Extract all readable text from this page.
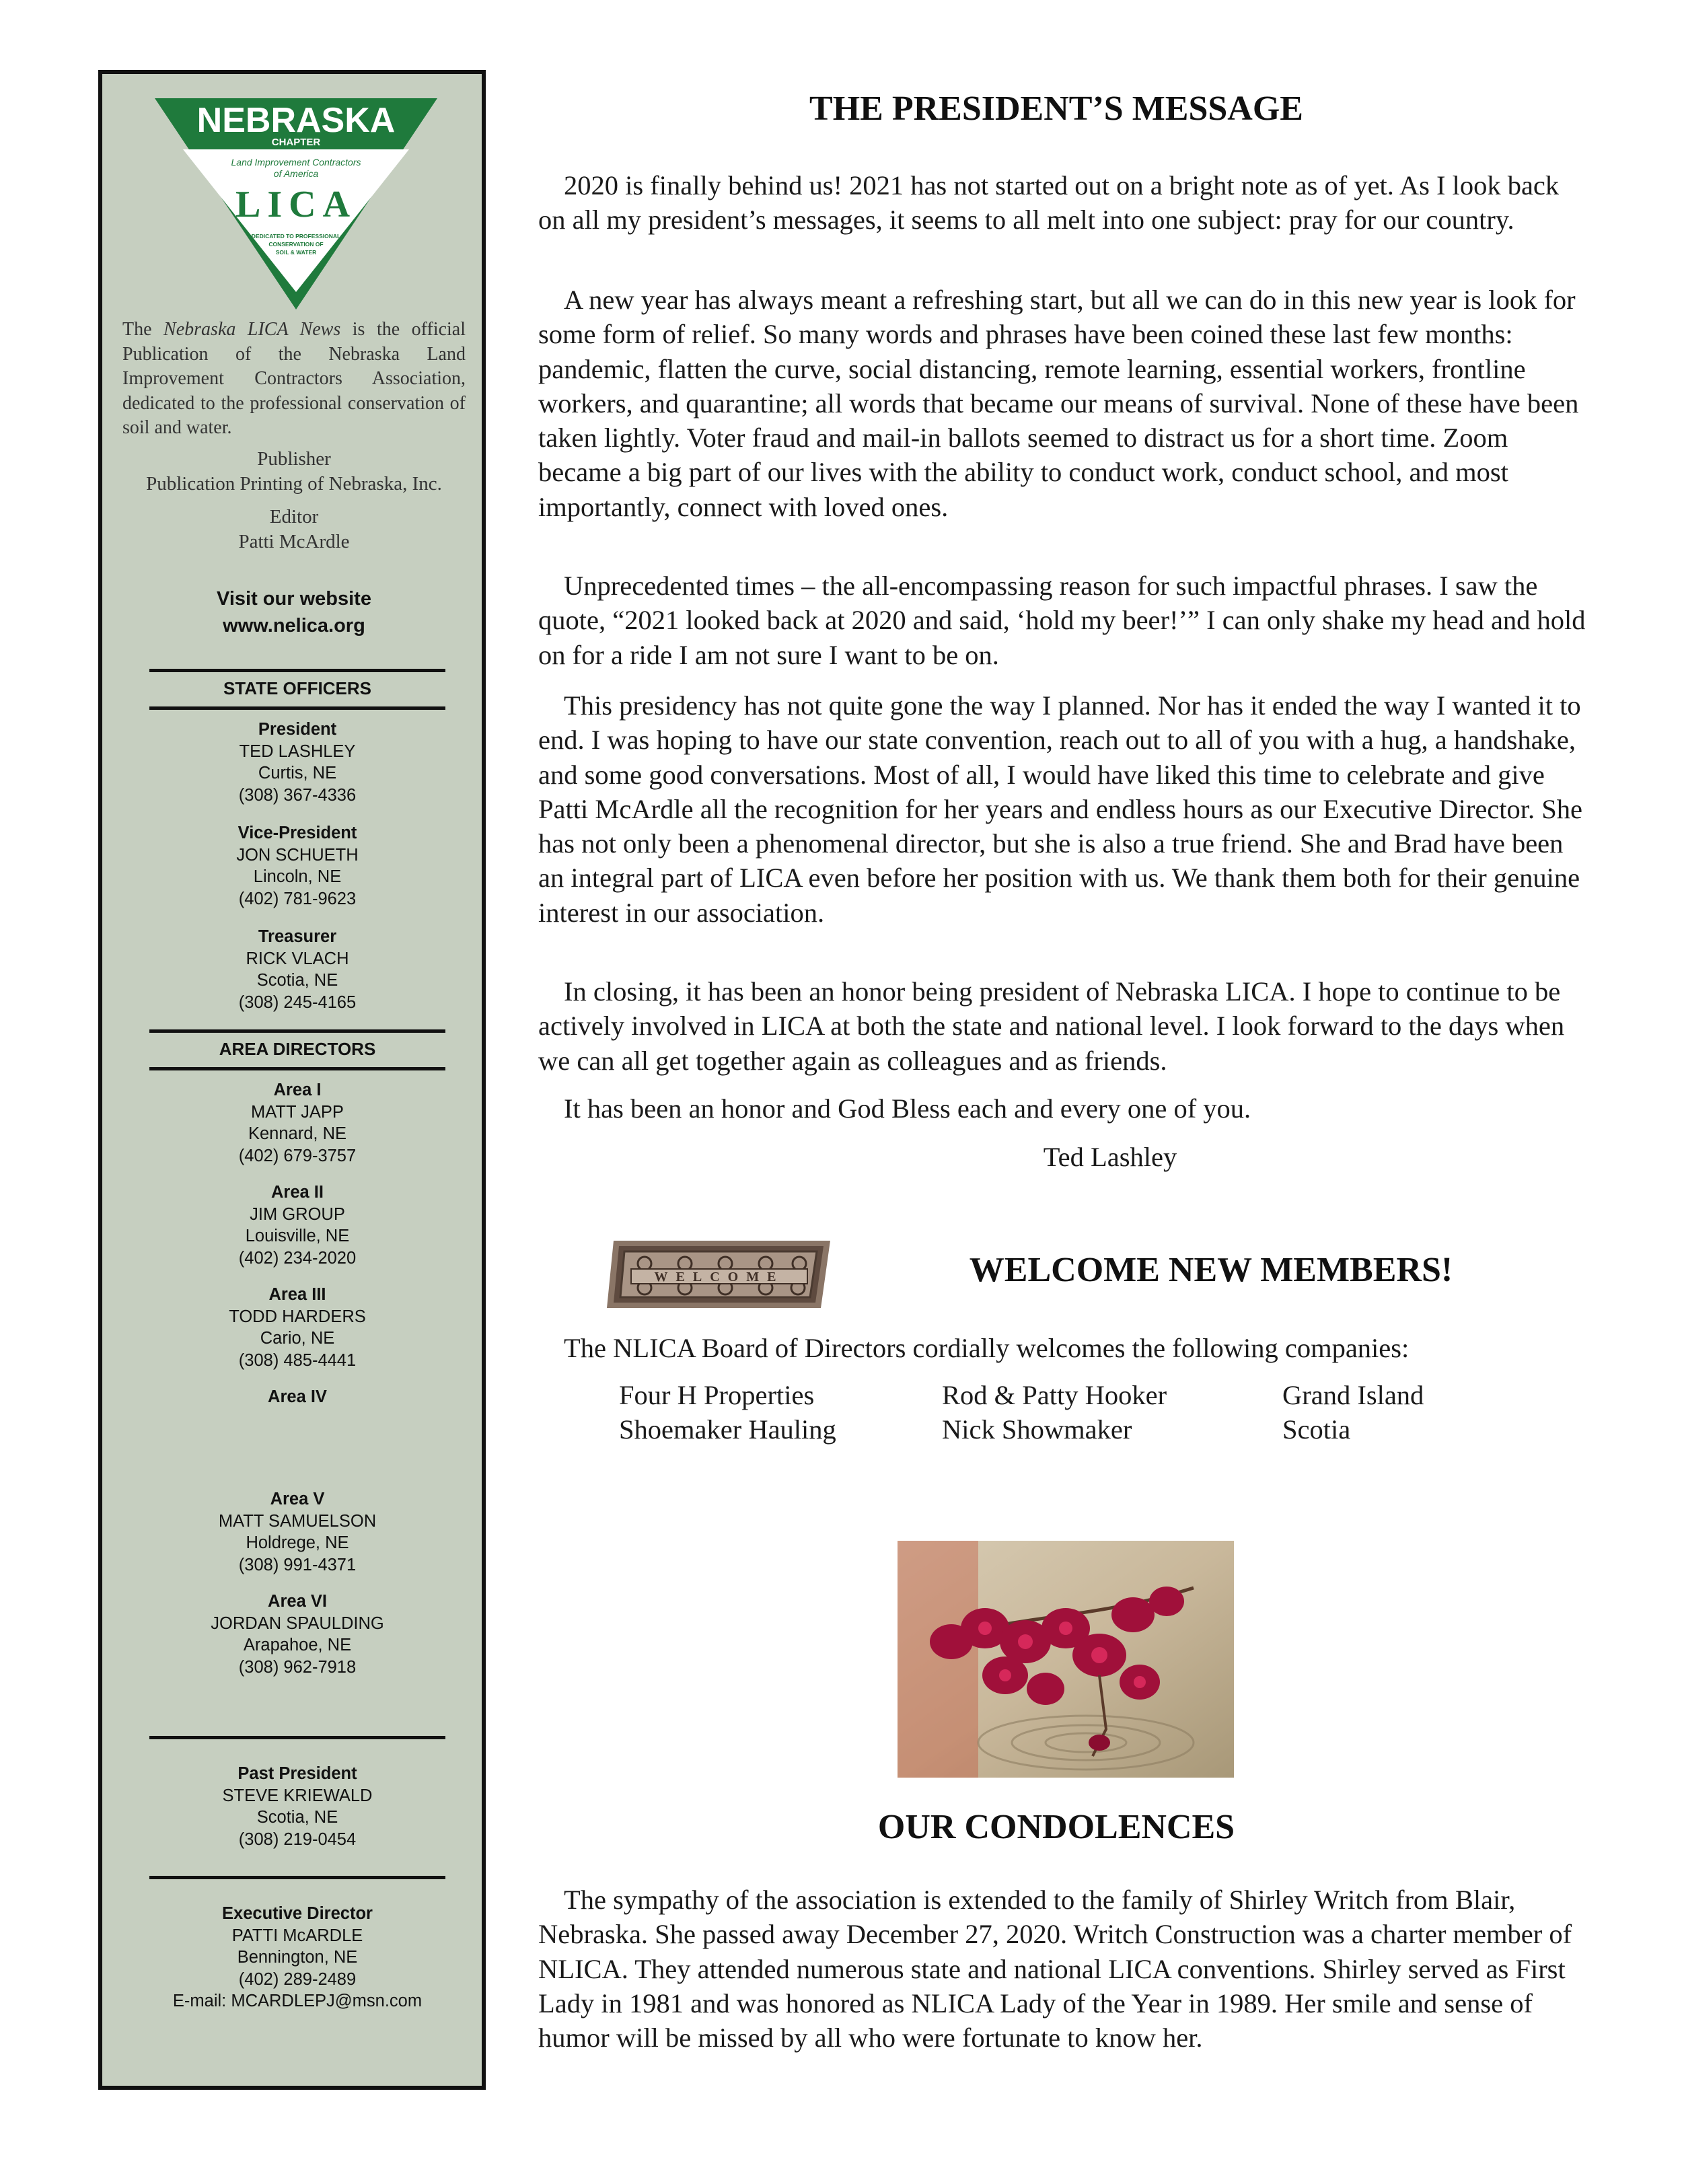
NEBRASKA
CHAPTER
Land Improvement Contractors
of America
LICA
DEDICATED TO PROFESSIONAL
CONSERVATION OF
SOIL & WATER
The Nebraska LICA News is the official Publication of the Nebraska Land Improvement Contractors Association, dedicated to the professional conservation of soil and water.
Publisher
Publication Printing of Nebraska, Inc.
Editor
Patti McArdle
Visit our website
www.nelica.org
STATE OFFICERS
President
TED LASHLEY
Curtis, NE
(308) 367-4336
Vice-President
JON SCHUETH
Lincoln, NE
(402) 781-9623
Treasurer
RICK VLACH
Scotia, NE
(308) 245-4165
AREA DIRECTORS
Area I
MATT JAPP
Kennard, NE
(402) 679-3757
Area II
JIM GROUP
Louisville, NE
(402) 234-2020
Area III
TODD HARDERS
Cario, NE
(308) 485-4441
Area IV
Area V
MATT SAMUELSON
Holdrege, NE
(308) 991-4371
Area VI
JORDAN SPAULDING
Arapahoe, NE
(308) 962-7918
Past President
STEVE KRIEWALD
Scotia, NE
(308) 219-0454
Executive Director
PATTI McARDLE
Bennington, NE
(402) 289-2489
E-mail: MCARDLEPJ@msn.com
THE PRESIDENT’S MESSAGE

2020 is finally behind us! 2021 has not started out on a bright note as of yet. As I look back on all my president’s messages, it seems to all melt into one subject: pray for our country.

A new year has always meant a refreshing start, but all we can do in this new year is look for some form of relief. So many words and phrases have been coined these last few months: pandemic, flatten the curve, social distancing, remote learning, essential workers, frontline workers, and quarantine; all words that became our means of survival. None of these have been taken lightly. Voter fraud and mail-in ballots seemed to distract us for a short time. Zoom became a big part of our lives with the ability to conduct work, conduct school, and most importantly, connect with loved ones.

Unprecedented times – the all-encompassing reason for such impactful phrases. I saw the quote, “2021 looked back at 2020 and said, ‘hold my beer!’” I can only shake my head and hold on for a ride I am not sure I want to be on.

This presidency has not quite gone the way I planned. Nor has it ended the way I wanted it to end. I was hoping to have our state convention, reach out to all of you with a hug, a handshake, and some good conversations. Most of all, I would have liked this time to celebrate and give Patti McArdle all the recognition for her years and endless hours as our Executive Director. She has not only been a phenomenal director, but she is also a true friend. She and Brad have been an integral part of LICA even before her position with us. We thank them both for their genuine interest in our association.

In closing, it has been an honor being president of Nebraska LICA. I hope to continue to be actively involved in LICA at both the state and national level. I look forward to the days when we can all get together again as colleagues and as friends.

It has been an honor and God Bless each and every one of you.

Ted Lashley
WELCOME	WELCOME NEW MEMBERS!

The NLICA Board of Directors cordially welcomes the following companies:

Four H Properties
Shoemaker Hauling
Rod & Patty Hooker
Nick Showmaker
Grand Island
Scotia
OUR CONDOLENCES

The sympathy of the association is extended to the family of Shirley Writch from Blair, Nebraska. She passed away December 27, 2020. Writch Construction was a charter member of NLICA. They attended numerous state and national LICA conventions. Shirley served as First Lady in 1981 and was honored as NLICA Lady of the Year in 1989. Her smile and sense of humor will be missed by all who were fortunate to know her.
